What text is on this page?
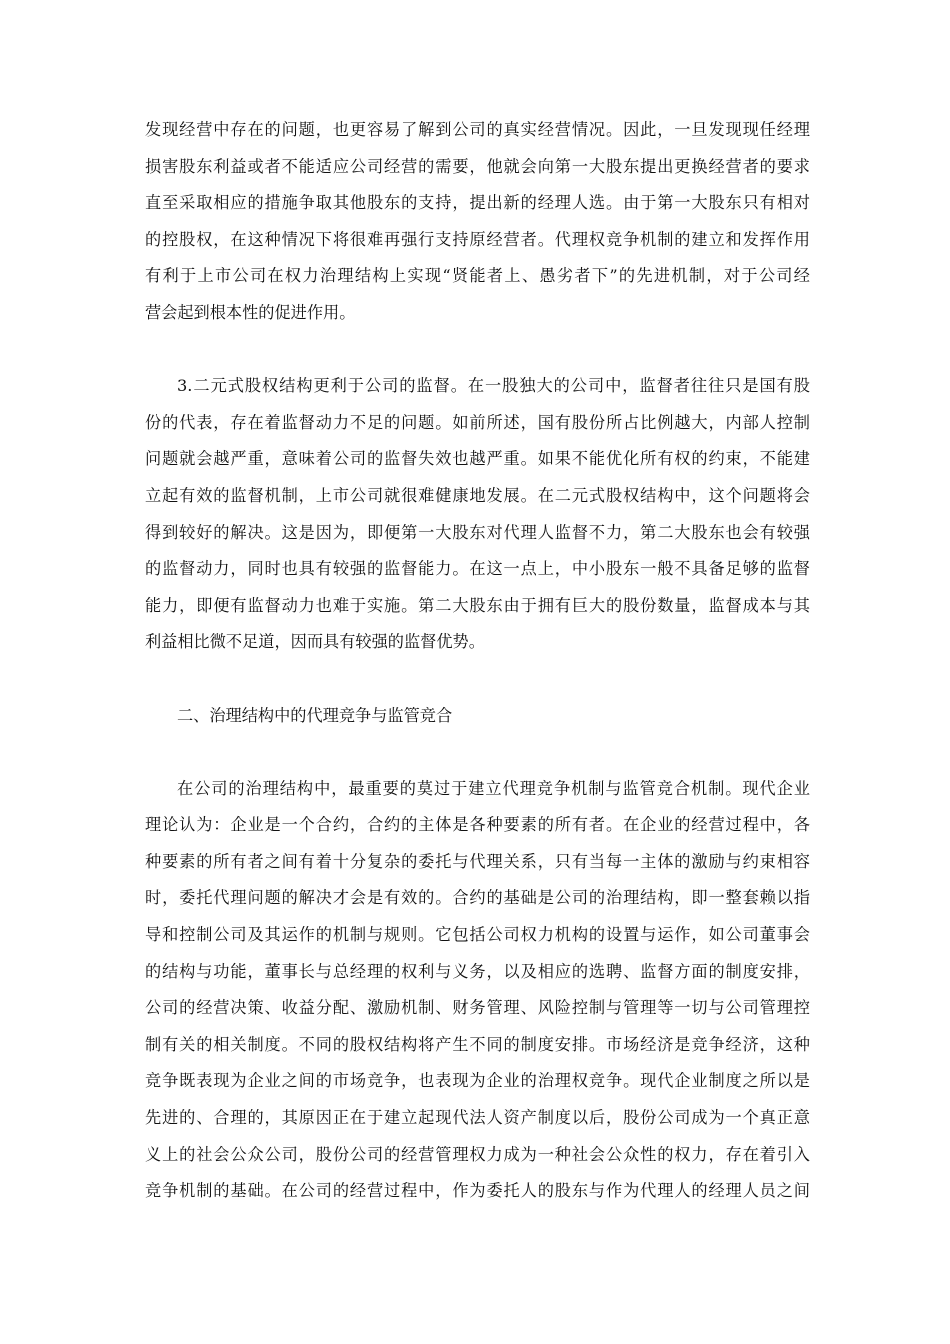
发现经营中存在的问题，也更容易了解到公司的真实经营情况。因此，一旦发现现任经理
损害股东利益或者不能适应公司经营的需要，他就会向第一大股东提出更换经营者的要求
直至采取相应的措施争取其他股东的支持，提出新的经理人选。由于第一大股东只有相对
的控股权，在这种情况下将很难再强行支持原经营者。代理权竞争机制的建立和发挥作用
有利于上市公司在权力治理结构上实现“贤能者上、愚劣者下”的先进机制，对于公司经
营会起到根本性的促进作用。
3.二元式股权结构更利于公司的监督。在一股独大的公司中，监督者往往只是国有股
份的代表，存在着监督动力不足的问题。如前所述，国有股份所占比例越大，内部人控制
问题就会越严重，意味着公司的监督失效也越严重。如果不能优化所有权的约束，不能建
立起有效的监督机制，上市公司就很难健康地发展。在二元式股权结构中，这个问题将会
得到较好的解决。这是因为，即便第一大股东对代理人监督不力，第二大股东也会有较强
的监督动力，同时也具有较强的监督能力。在这一点上，中小股东一般不具备足够的监督
能力，即便有监督动力也难于实施。第二大股东由于拥有巨大的股份数量，监督成本与其
利益相比微不足道，因而具有较强的监督优势。
二、治理结构中的代理竞争与监管竞合
在公司的治理结构中，最重要的莫过于建立代理竞争机制与监管竞合机制。现代企业
理论认为：企业是一个合约，合约的主体是各种要素的所有者。在企业的经营过程中，各
种要素的所有者之间有着十分复杂的委托与代理关系，只有当每一主体的激励与约束相容
时，委托代理问题的解决才会是有效的。合约的基础是公司的治理结构，即一整套赖以指
导和控制公司及其运作的机制与规则。它包括公司权力机构的设置与运作，如公司董事会
的结构与功能，董事长与总经理的权利与义务，以及相应的选聘、监督方面的制度安排，
公司的经营决策、收益分配、激励机制、财务管理、风险控制与管理等一切与公司管理控
制有关的相关制度。不同的股权结构将产生不同的制度安排。市场经济是竞争经济，这种
竞争既表现为企业之间的市场竞争，也表现为企业的治理权竞争。现代企业制度之所以是
先进的、合理的，其原因正在于建立起现代法人资产制度以后，股份公司成为一个真正意
义上的社会公众公司，股份公司的经营管理权力成为一种社会公众性的权力，存在着引入
竞争机制的基础。在公司的经营过程中，作为委托人的股东与作为代理人的经理人员之间
